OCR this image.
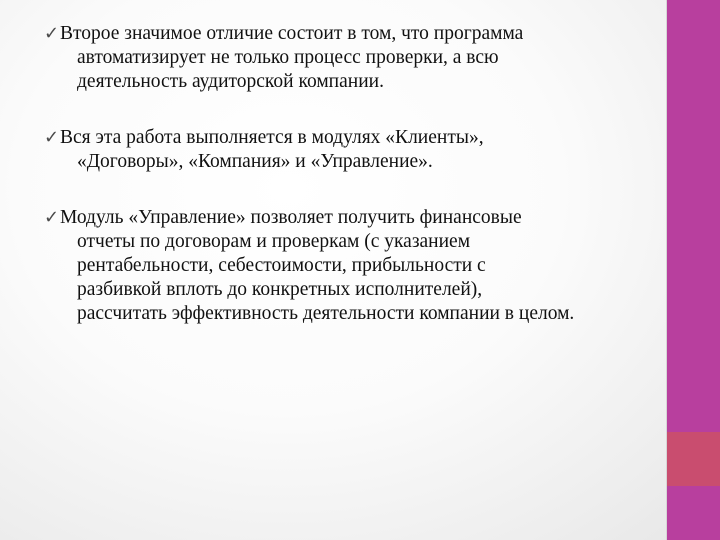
✓ Второе значимое отличие состоит в том, что программа
автоматизирует не только процесс проверки, а всю
деятельность аудиторской компании.
✓ Вся эта работа выполняется в модулях «Клиенты»,
«Договоры», «Компания» и «Управление».
✓ Модуль «Управление» позволяет получить финансовые
отчеты по договорам и проверкам (с указанием
рентабельности, себестоимости, прибыльности с
разбивкой вплоть до конкретных исполнителей),
рассчитать эффективность деятельности компании в целом.
